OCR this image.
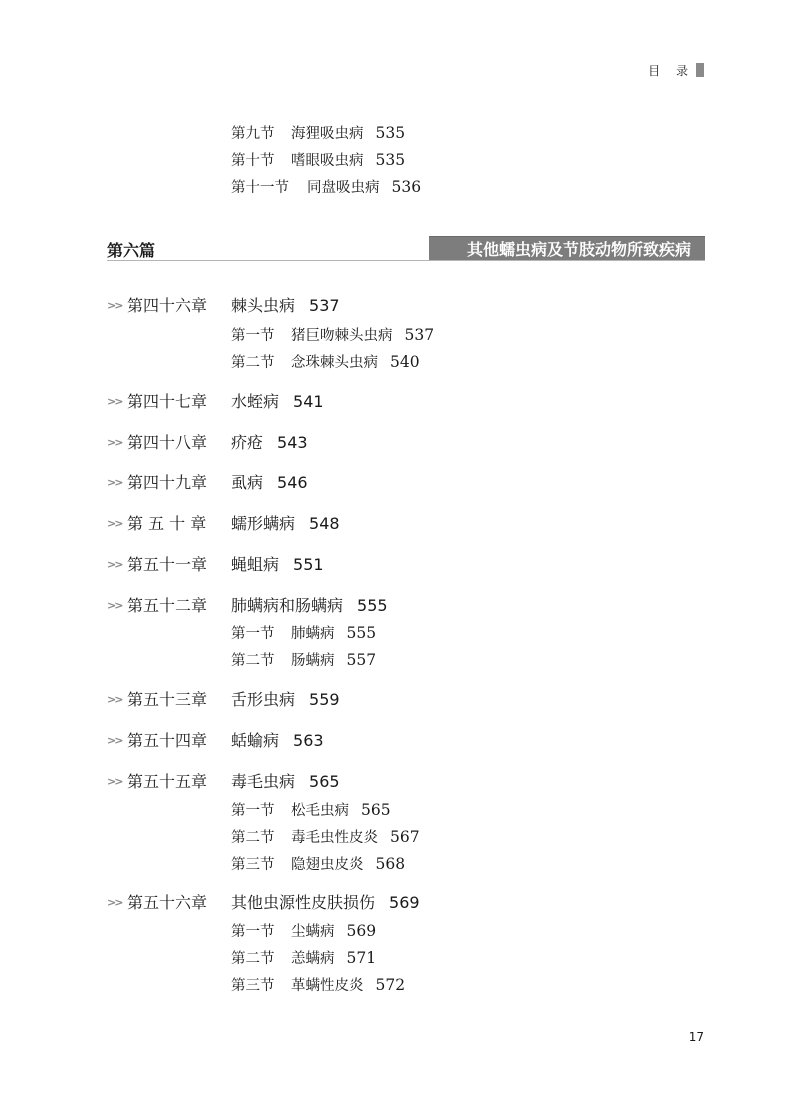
目 录
第九节 海狸吸虫病 535
第十节 嗜眼吸虫病 535
第十一节 同盘吸虫病 536
第六篇	其他蠕虫病及节肢动物所致疾病
>> 第四十六章 棘头虫病 537
第一节 猪巨吻棘头虫病 537
第二节 念珠棘头虫病 540
>> 第四十七章 水蛭病 541
>> 第四十八章 疥疮 543
>> 第四十九章 虱病 546
>> 第 五 十 章 蠕形螨病 548
>> 第五十一章 蝇蛆病 551
>> 第五十二章 肺螨病和肠螨病 555
第一节 肺螨病 555
第二节 肠螨病 557
>> 第五十三章 舌形虫病 559
>> 第五十四章 蛞蝓病 563
>> 第五十五章 毒毛虫病 565
第一节 松毛虫病 565
第二节 毒毛虫性皮炎 567
第三节 隐翅虫皮炎 568
>> 第五十六章 其他虫源性皮肤损伤 569
第一节 尘螨病 569
第二节 恙螨病 571
第三节 革螨性皮炎 572
17
